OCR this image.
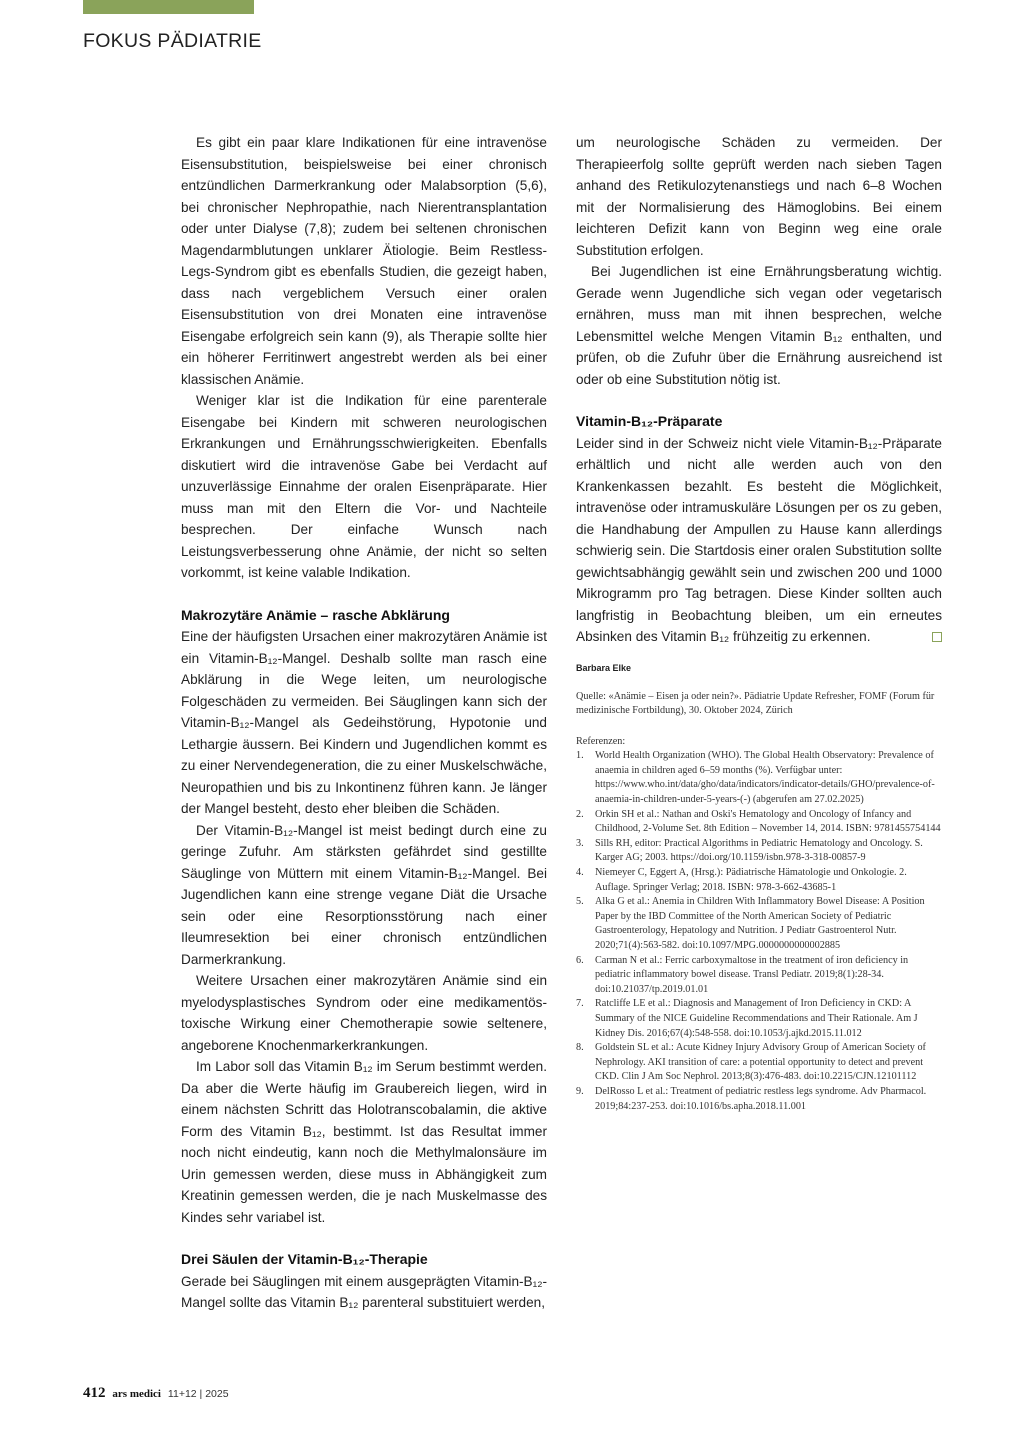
FOKUS PÄDIATRIE

Es gibt ein paar klare Indikationen für eine intravenöse Eisensubstitution, beispielsweise bei einer chronisch entzündlichen Darmerkrankung oder Malabsorption (5,6), bei chronischer Nephropathie, nach Nierentransplantation oder unter Dialyse (7,8); zudem bei seltenen chronischen Magendarmblutungen unklarer Ätiologie. Beim Restless-Legs-Syndrom gibt es ebenfalls Studien, die gezeigt haben, dass nach vergeblichem Versuch einer oralen Eisensubstitution von drei Monaten eine intravenöse Eisengabe erfolgreich sein kann (9), als Therapie sollte hier ein höherer Ferritinwert angestrebt werden als bei einer klassischen Anämie.

Weniger klar ist die Indikation für eine parenterale Eisengabe bei Kindern mit schweren neurologischen Erkrankungen und Ernährungsschwierigkeiten. Ebenfalls diskutiert wird die intravenöse Gabe bei Verdacht auf unzuverlässige Einnahme der oralen Eisenpräparate. Hier muss man mit den Eltern die Vor- und Nachteile besprechen. Der einfache Wunsch nach Leistungsverbesserung ohne Anämie, der nicht so selten vorkommt, ist keine valable Indikation.

Makrozytäre Anämie – rasche Abklärung

Eine der häufigsten Ursachen einer makrozytären Anämie ist ein Vitamin-B₁₂-Mangel. Deshalb sollte man rasch eine Abklärung in die Wege leiten, um neurologische Folgeschäden zu vermeiden. Bei Säuglingen kann sich der Vitamin-B₁₂-Mangel als Gedeihstörung, Hypotonie und Lethargie äussern. Bei Kindern und Jugendlichen kommt es zu einer Nervendegeneration, die zu einer Muskelschwäche, Neuropathien und bis zu Inkontinenz führen kann. Je länger der Mangel besteht, desto eher bleiben die Schäden.

Der Vitamin-B₁₂-Mangel ist meist bedingt durch eine zu geringe Zufuhr. Am stärksten gefährdet sind gestillte Säuglinge von Müttern mit einem Vitamin-B₁₂-Mangel. Bei Jugendlichen kann eine strenge vegane Diät die Ursache sein oder eine Resorptionsstörung nach einer Ileumresektion bei einer chronisch entzündlichen Darmerkrankung.

Weitere Ursachen einer makrozytären Anämie sind ein myelodysplastisches Syndrom oder eine medikamentös-toxische Wirkung einer Chemotherapie sowie seltenere, angeborene Knochenmarkerkrankungen.

Im Labor soll das Vitamin B₁₂ im Serum bestimmt werden. Da aber die Werte häufig im Graubereich liegen, wird in einem nächsten Schritt das Holotranscobalamin, die aktive Form des Vitamin B₁₂, bestimmt. Ist das Resultat immer noch nicht eindeutig, kann noch die Methylmalonsäure im Urin gemessen werden, diese muss in Abhängigkeit zum Kreatinin gemessen werden, die je nach Muskelmasse des Kindes sehr variabel ist.

Drei Säulen der Vitamin-B₁₂-Therapie

Gerade bei Säuglingen mit einem ausgeprägten Vitamin-B₁₂-Mangel sollte das Vitamin B₁₂ parenteral substituiert werden,

um neurologische Schäden zu vermeiden. Der Therapieerfolg sollte geprüft werden nach sieben Tagen anhand des Retikulozytenanstiegs und nach 6–8 Wochen mit der Normalisierung des Hämoglobins. Bei einem leichteren Defizit kann von Beginn weg eine orale Substitution erfolgen.

Bei Jugendlichen ist eine Ernährungsberatung wichtig. Gerade wenn Jugendliche sich vegan oder vegetarisch ernähren, muss man mit ihnen besprechen, welche Lebensmittel welche Mengen Vitamin B₁₂ enthalten, und prüfen, ob die Zufuhr über die Ernährung ausreichend ist oder ob eine Substitution nötig ist.

Vitamin-B₁₂-Präparate

Leider sind in der Schweiz nicht viele Vitamin-B₁₂-Präparate erhältlich und nicht alle werden auch von den Krankenkassen bezahlt. Es besteht die Möglichkeit, intravenöse oder intramuskuläre Lösungen per os zu geben, die Handhabung der Ampullen zu Hause kann allerdings schwierig sein. Die Startdosis einer oralen Substitution sollte gewichtsabhängig gewählt sein und zwischen 200 und 1000 Mikrogramm pro Tag betragen. Diese Kinder sollten auch langfristig in Beobachtung bleiben, um ein erneutes Absinken des Vitamin B₁₂ frühzeitig zu erkennen.

Barbara Elke
Quelle: «Anämie – Eisen ja oder nein?». Pädiatrie Update Refresher, FOMF (Forum für medizinische Fortbildung), 30. Oktober 2024, Zürich
Referenzen:
1. World Health Organization (WHO). The Global Health Observatory: Prevalence of anaemia in children aged 6–59 months (%). Verfügbar unter: https://www.who.int/data/gho/data/indicators/indicator-details/GHO/prevalence-of-anaemia-in-children-under-5-years-(-) (abgerufen am 27.02.2025)
2. Orkin SH et al.: Nathan and Oski's Hematology and Oncology of Infancy and Childhood, 2-Volume Set. 8th Edition – November 14, 2014. ISBN: 9781455754144
3. Sills RH, editor: Practical Algorithms in Pediatric Hematology and Oncology. S. Karger AG; 2003. https://doi.org/10.1159/isbn.978-3-318-00857-9
4. Niemeyer C, Eggert A, (Hrsg.): Pädiatrische Hämatologie und Onkologie. 2. Auflage. Springer Verlag; 2018. ISBN: 978-3-662-43685-1
5. Alka G et al.: Anemia in Children With Inflammatory Bowel Disease: A Position Paper by the IBD Committee of the North American Society of Pediatric Gastroenterology, Hepatology and Nutrition. J Pediatr Gastroenterol Nutr. 2020;71(4):563-582. doi:10.1097/MPG.0000000000002885
6. Carman N et al.: Ferric carboxymaltose in the treatment of iron deficiency in pediatric inflammatory bowel disease. Transl Pediatr. 2019;8(1):28-34. doi:10.21037/tp.2019.01.01
7. Ratcliffe LE et al.: Diagnosis and Management of Iron Deficiency in CKD: A Summary of the NICE Guideline Recommendations and Their Rationale. Am J Kidney Dis. 2016;67(4):548-558. doi:10.1053/j.ajkd.2015.11.012
8. Goldstein SL et al.: Acute Kidney Injury Advisory Group of American Society of Nephrology. AKI transition of care: a potential opportunity to detect and prevent CKD. Clin J Am Soc Nephrol. 2013;8(3):476-483. doi:10.2215/CJN.12101112
9. DelRosso L et al.: Treatment of pediatric restless legs syndrome. Adv Pharmacol. 2019;84:237-253. doi:10.1016/bs.apha.2018.11.001
412 ars medici 11+12 | 2025
